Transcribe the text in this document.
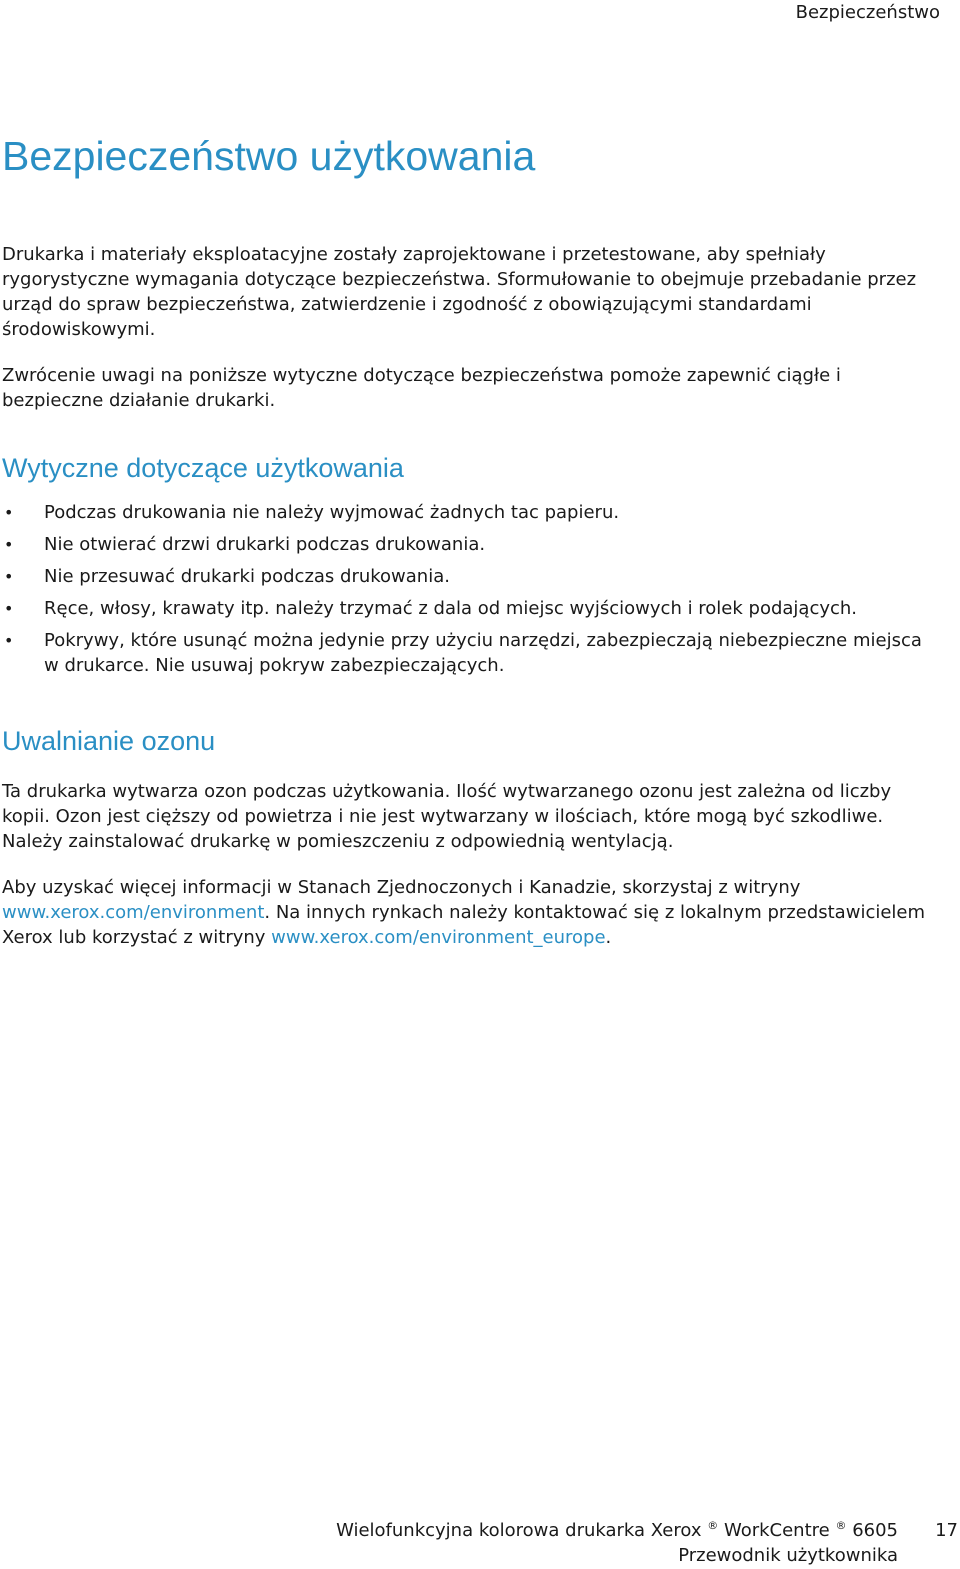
Bezpieczeństwo
Bezpieczeństwo użytkowania

Drukarka i materiały eksploatacyjne zostały zaprojektowane i przetestowane, aby spełniały rygorystyczne wymagania dotyczące bezpieczeństwa. Sformułowanie to obejmuje przebadanie przez urząd do spraw bezpieczeństwa, zatwierdzenie i zgodność z obowiązującymi standardami środowiskowymi.

Zwrócenie uwagi na poniższe wytyczne dotyczące bezpieczeństwa pomoże zapewnić ciągłe i bezpieczne działanie drukarki.

Wytyczne dotyczące użytkowania
• Podczas drukowania nie należy wyjmować żadnych tac papieru.
• Nie otwierać drzwi drukarki podczas drukowania.
• Nie przesuwać drukarki podczas drukowania.
• Ręce, włosy, krawaty itp. należy trzymać z dala od miejsc wyjściowych i rolek podających.
• Pokrywy, które usunąć można jedynie przy użyciu narzędzi, zabezpieczają niebezpieczne miejsca w drukarce. Nie usuwaj pokryw zabezpieczających.
Uwalnianie ozonu

Ta drukarka wytwarza ozon podczas użytkowania. Ilość wytwarzanego ozonu jest zależna od liczby kopii. Ozon jest cięższy od powietrza i nie jest wytwarzany w ilościach, które mogą być szkodliwe. Należy zainstalować drukarkę w pomieszczeniu z odpowiednią wentylacją.

Aby uzyskać więcej informacji w Stanach Zjednoczonych i Kanadzie, skorzystaj z witryny www.xerox.com/environment. Na innych rynkach należy kontaktować się z lokalnym przedstawicielem Xerox lub korzystać z witryny www.xerox.com/environment_europe.

Wielofunkcyjna kolorowa drukarka Xerox ® WorkCentre ® 6605
Przewodnik użytkownika
17
